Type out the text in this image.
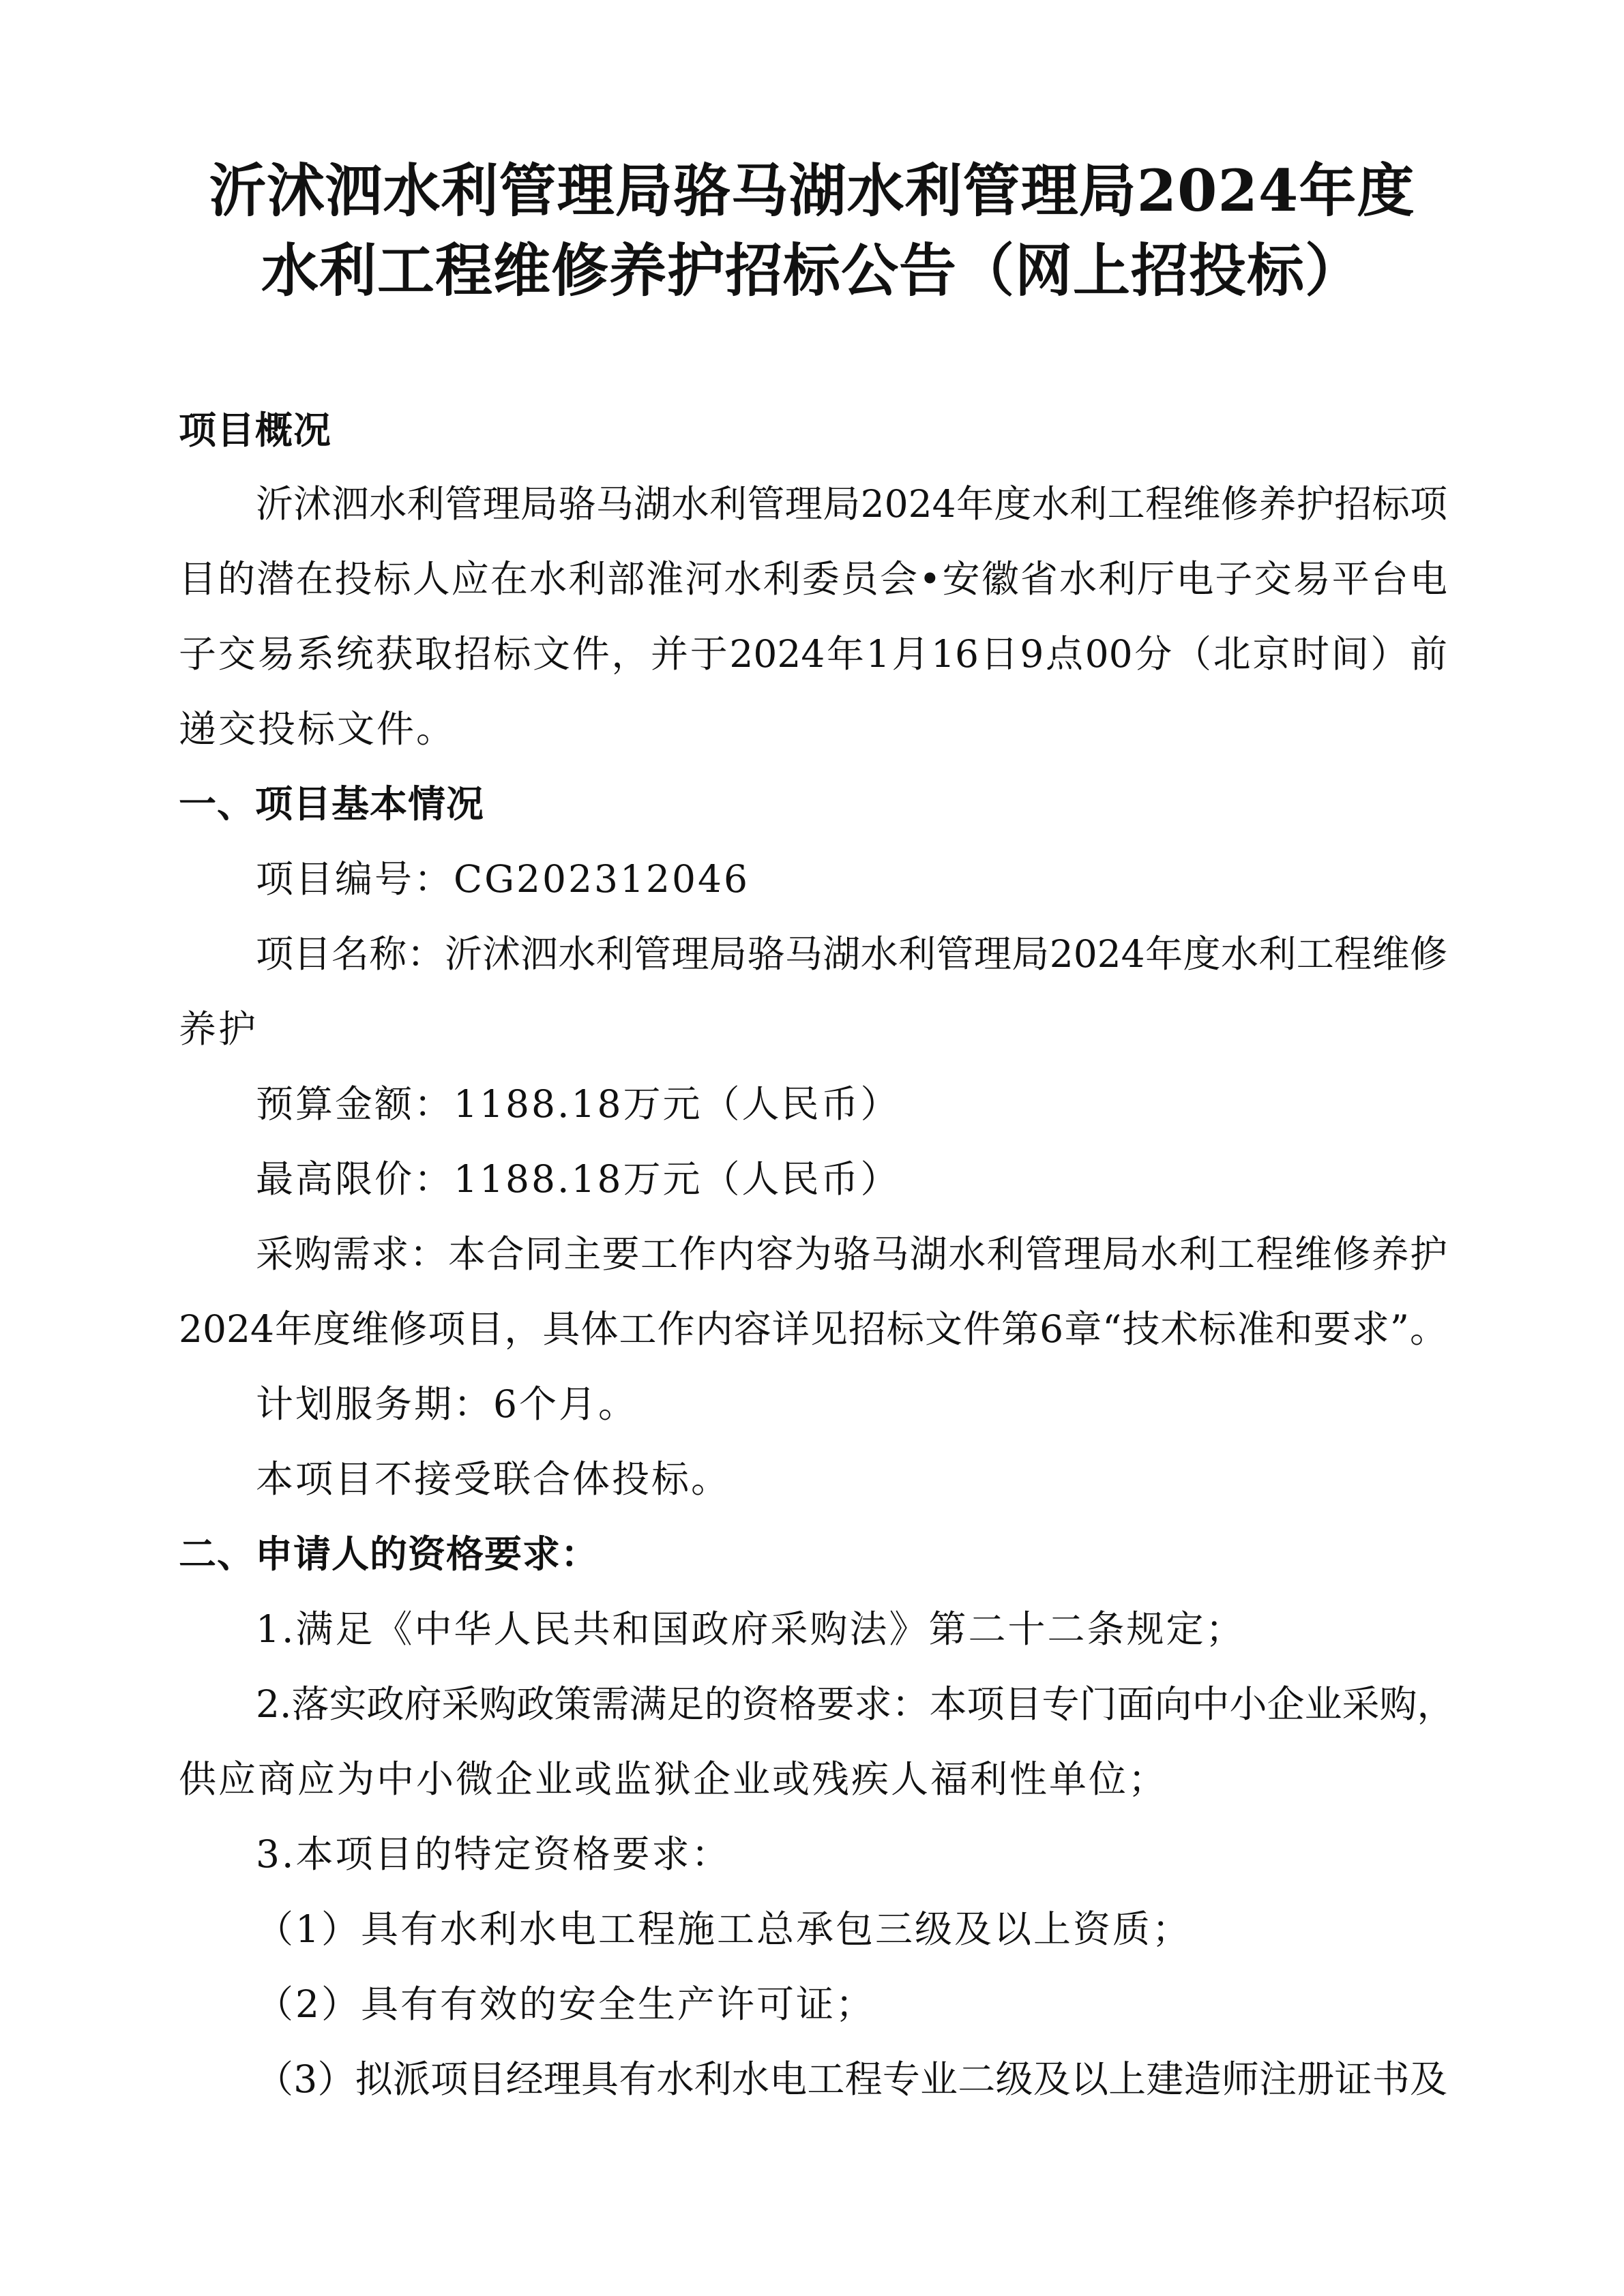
沂沭泗水利管理局骆马湖水利管理局2024年度
水利工程维修养护招标公告（网上招投标）
项目概况
沂沭泗水利管理局骆马湖水利管理局2024年度水利工程维修养护招标项
目的潜在投标人应在水利部淮河水利委员会•安徽省水利厅电子交易平台电
子交易系统获取招标文件，并于2024年1月16日9点00分（北京时间）前
递交投标文件。
一、项目基本情况
项目编号：CG202312046
项目名称：沂沭泗水利管理局骆马湖水利管理局2024年度水利工程维修
养护
预算金额：1188.18万元（人民币）
最高限价：1188.18万元（人民币）
采购需求：本合同主要工作内容为骆马湖水利管理局水利工程维修养护
2024年度维修项目，具体工作内容详见招标文件第6章“技术标准和要求”。
计划服务期：6个月。
本项目不接受联合体投标。
二、申请人的资格要求：
1.满足《中华人民共和国政府采购法》第二十二条规定；
2.落实政府采购政策需满足的资格要求：本项目专门面向中小企业采购，
供应商应为中小微企业或监狱企业或残疾人福利性单位；
3.本项目的特定资格要求：
（1）具有水利水电工程施工总承包三级及以上资质；
（2）具有有效的安全生产许可证；
（3）拟派项目经理具有水利水电工程专业二级及以上建造师注册证书及
